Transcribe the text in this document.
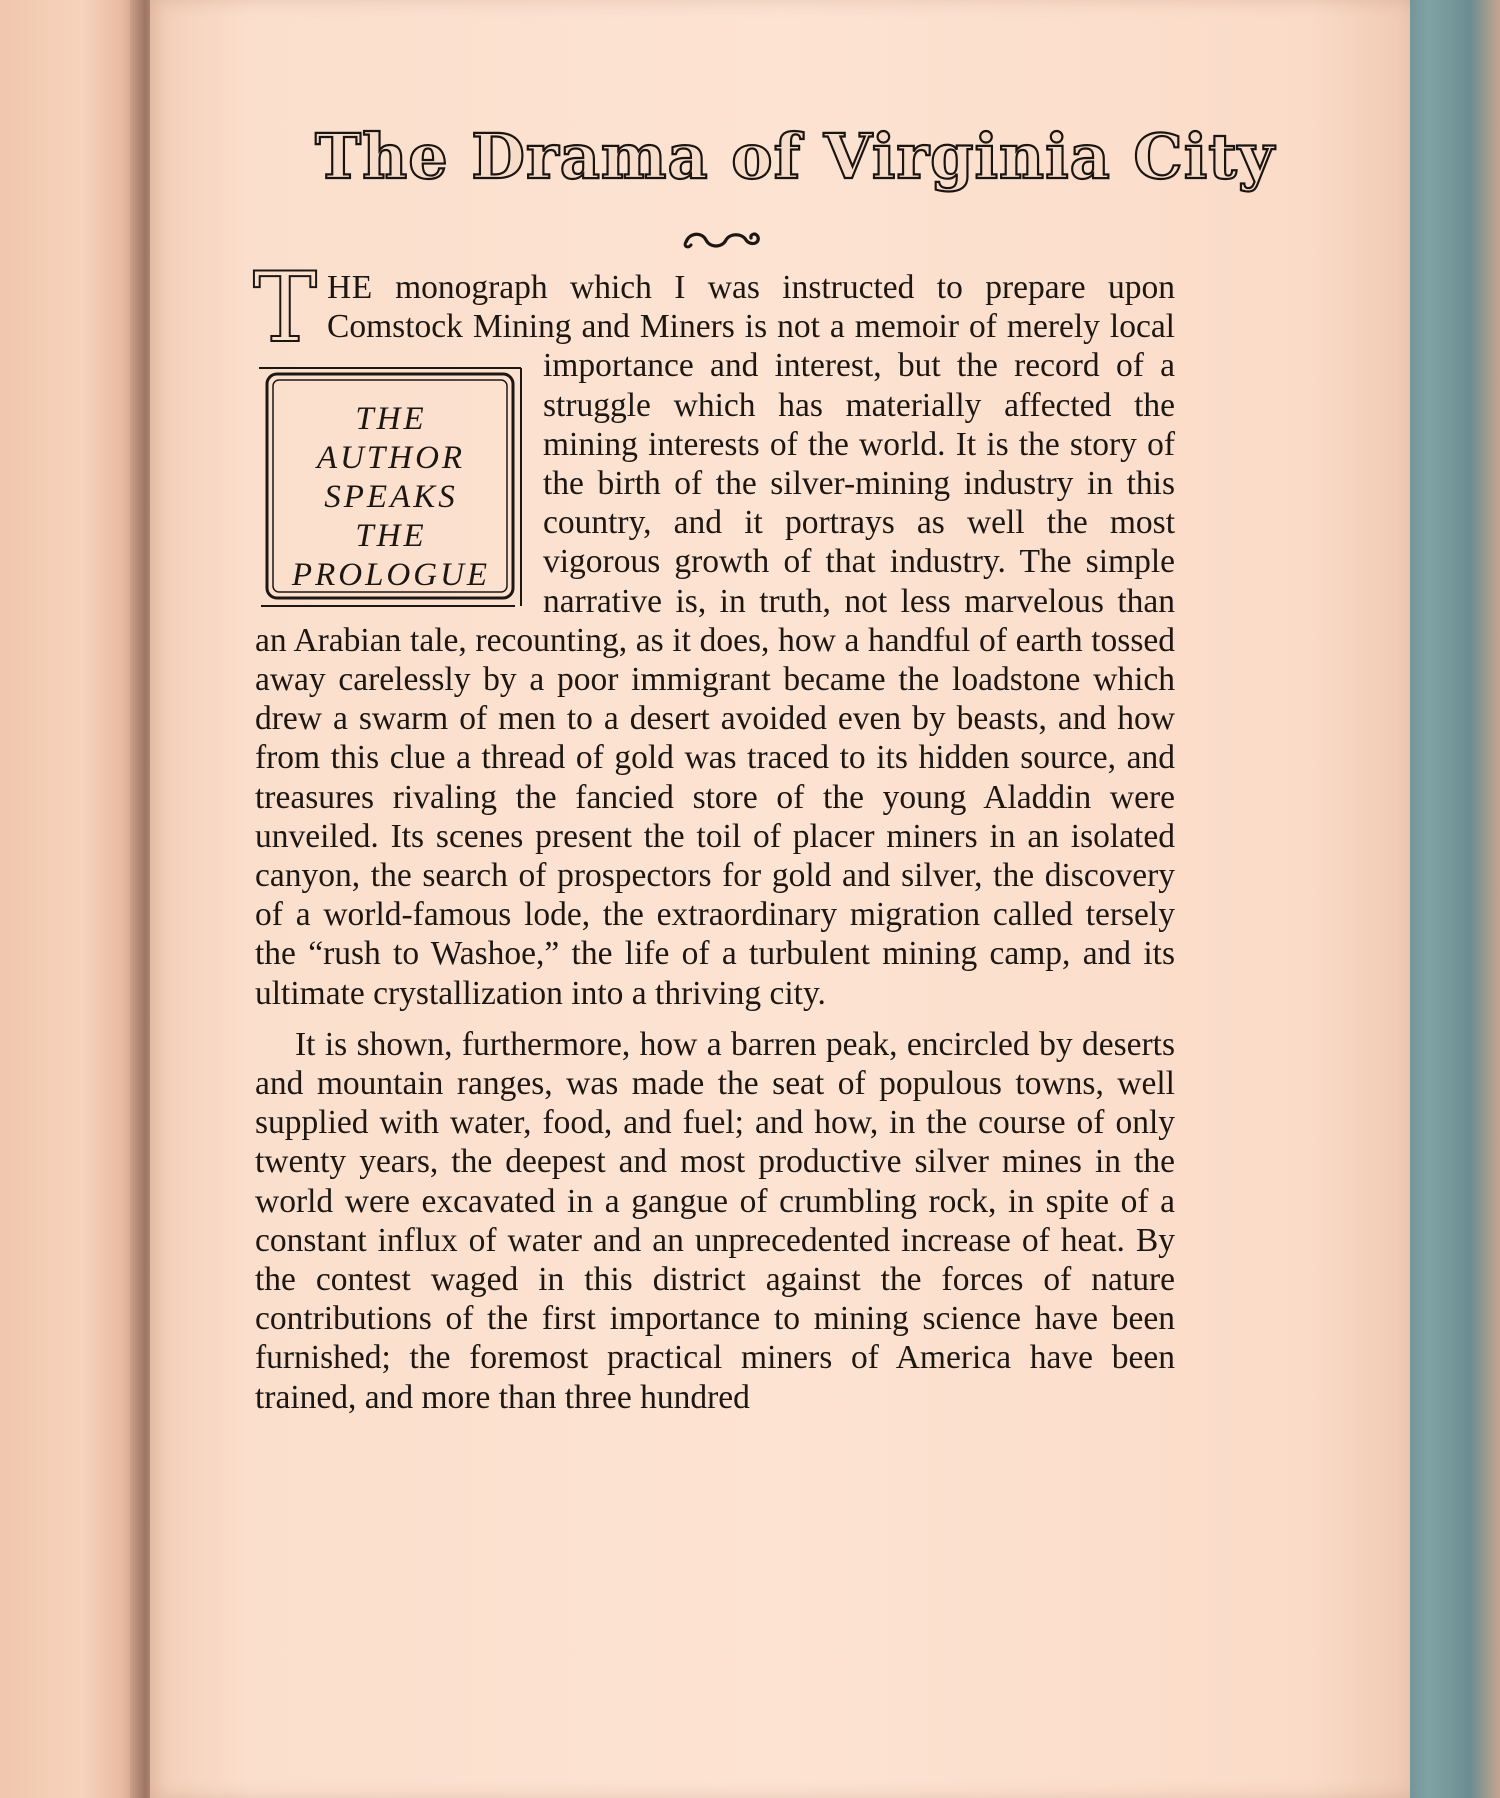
The Drama of Virginia City

THE monograph which I was instructed to prepare upon Comstock Mining and Miners is not a memoir of merely local importance and interest, but the record of a
THE
AUTHOR
SPEAKS
THE
PROLOGUE
struggle which has materially affected the mining interests of the world. It is the story of the birth of the silver-mining industry in this country, and it portrays as well the most vigorous growth of that industry. The simple narrative is, in truth, not less marvelous than an Arabian tale, recounting, as it does, how a handful of earth tossed away carelessly by a poor immigrant became the loadstone which drew a swarm of men to a desert avoided even by beasts, and how from this clue a thread of gold was traced to its hidden source, and treasures rivaling the fancied store of the young Aladdin were unveiled. Its scenes present the toil of placer miners in an isolated canyon, the search of prospectors for gold and silver, the discovery of a world-famous lode, the extraordinary migration called tersely the “rush to Washoe,” the life of a turbulent mining camp, and its ultimate crystallization into a thriving city.

It is shown, furthermore, how a barren peak, encircled by deserts and mountain ranges, was made the seat of populous towns, well supplied with water, food, and fuel; and how, in the course of only twenty years, the deepest and most productive silver mines in the world were excavated in a gangue of crumbling rock, in spite of a constant influx of water and an unprecedented increase of heat. By the contest waged in this district against the forces of nature contributions of the first importance to mining science have been furnished; the foremost practical miners of America have been trained, and more than three hundred
